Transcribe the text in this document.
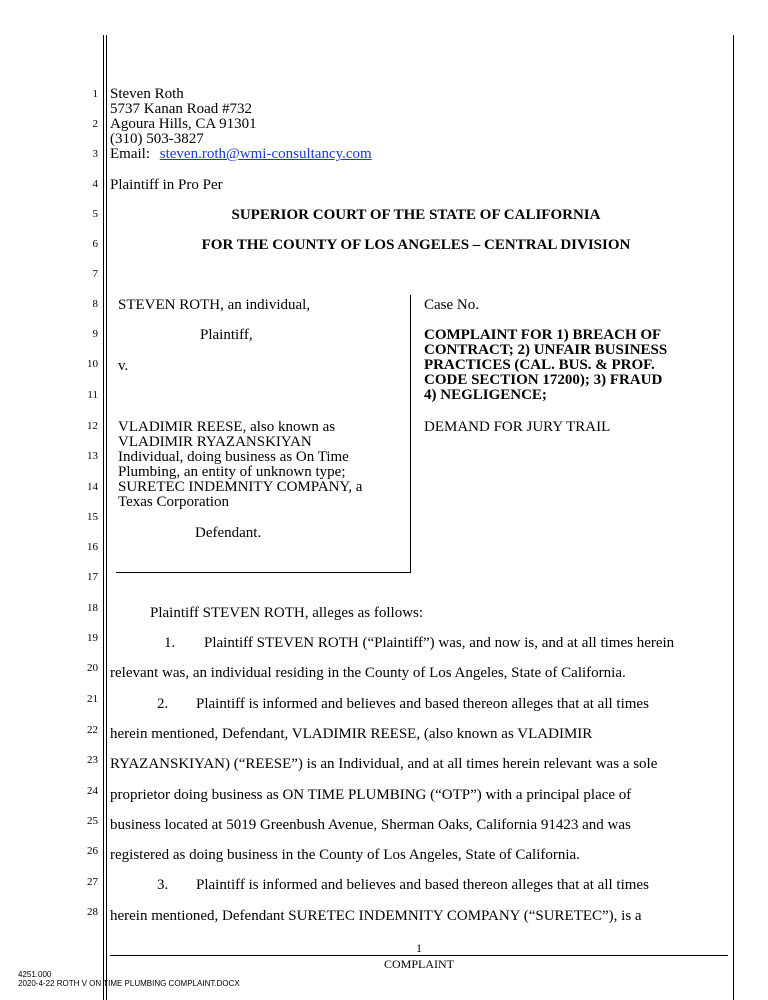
1
2
3
4
5
6
7
8
9
10
11
12
13
14
15
16
17
18
19
20
21
22
23
24
25
26
27
28
Steven Roth
5737 Kanan Road #732
Agoura Hills, CA 91301
(310) 503-3827
Email: steven.roth@wmi-consultancy.com
Plaintiff in Pro Per
SUPERIOR COURT OF THE STATE OF CALIFORNIA
FOR THE COUNTY OF LOS ANGELES – CENTRAL DIVISION
STEVEN ROTH, an individual,
Plaintiff,
v.
VLADIMIR REESE, also known as
VLADIMIR RYAZANSKIYAN
Individual, doing business as On Time
Plumbing, an entity of unknown type;
SURETEC INDEMNITY COMPANY, a
Texas Corporation
Defendant.
Case No.
COMPLAINT FOR 1) BREACH OF
CONTRACT; 2) UNFAIR BUSINESS
PRACTICES (CAL. BUS. & PROF.
CODE SECTION 17200); 3) FRAUD
4) NEGLIGENCE;
DEMAND FOR JURY TRAIL
Plaintiff STEVEN ROTH, alleges as follows:
1. Plaintiff STEVEN ROTH (“Plaintiff”) was, and now is, and at all times herein
relevant was, an individual residing in the County of Los Angeles, State of California.
2. Plaintiff is informed and believes and based thereon alleges that at all times
herein mentioned, Defendant, VLADIMIR REESE, (also known as VLADIMIR
RYAZANSKIYAN) (“REESE”) is an Individual, and at all times herein relevant was a sole
proprietor doing business as ON TIME PLUMBING (“OTP”) with a principal place of
business located at 5019 Greenbush Avenue, Sherman Oaks, California 91423 and was
registered as doing business in the County of Los Angeles, State of California.
3. Plaintiff is informed and believes and based thereon alleges that at all times
herein mentioned, Defendant SURETEC INDEMNITY COMPANY (“SURETEC”), is a
1
COMPLAINT
4251.000
2020-4-22 ROTH V ON TIME PLUMBING COMPLAINT.DOCX
